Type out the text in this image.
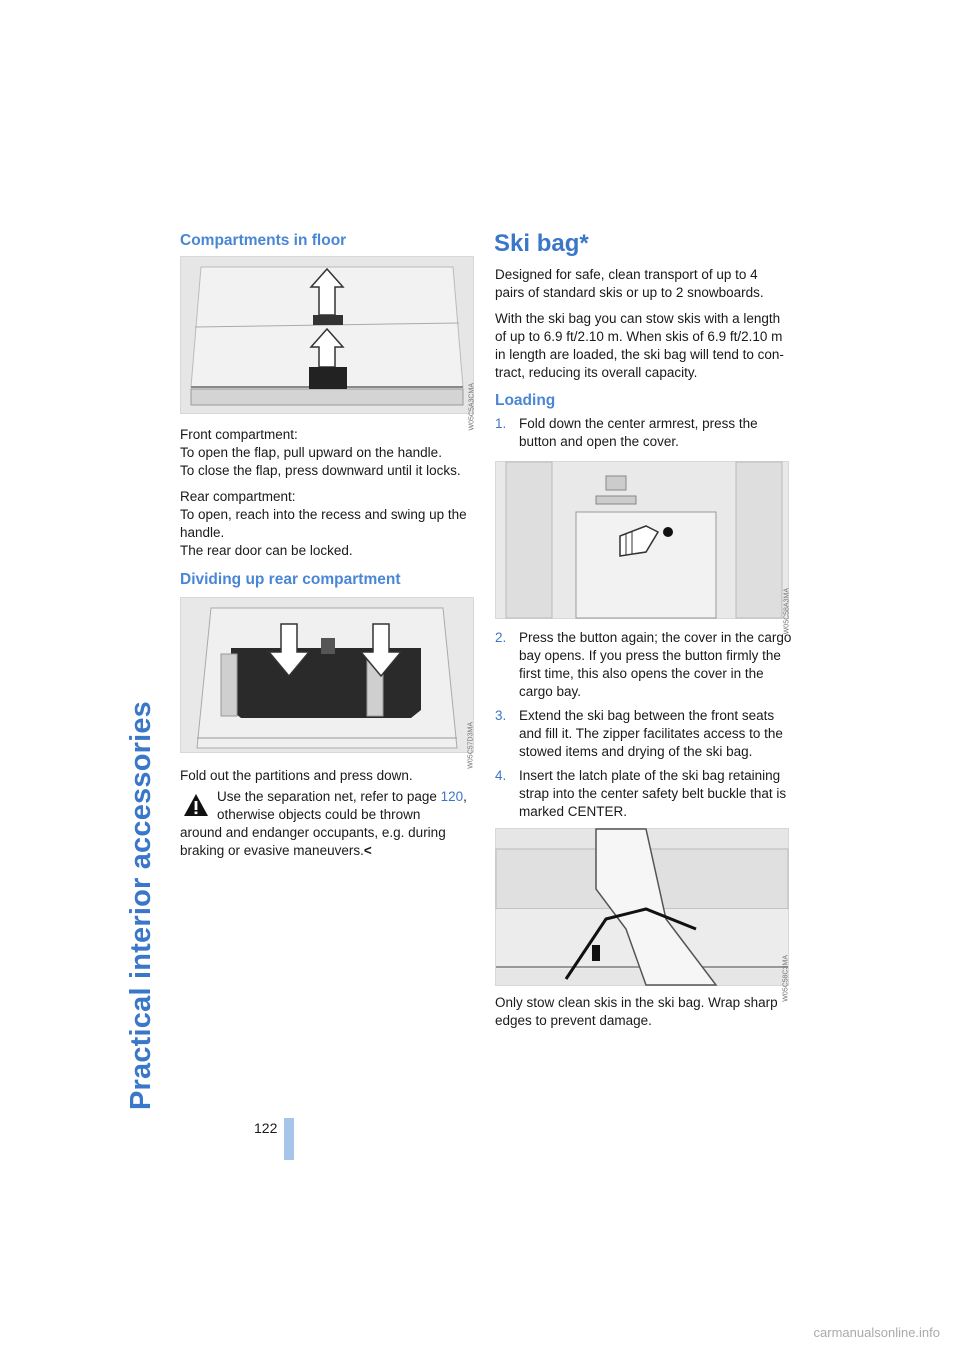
Practical interior accessories
122
Compartments in floor
W05C5A3CMA

Front compartment:
To open the flap, pull upward on the handle.
To close the flap, press downward until it locks.

Rear compartment:
To open, reach into the recess and swing up the handle.
The rear door can be locked.

Dividing up rear compartment
W05C57D3MA

Fold out the partitions and press down.

Use the separation net, refer to page 120,
otherwise objects could be thrown
around and endanger occupants, e.g. during
braking or evasive maneuvers.<
Ski bag*

Designed for safe, clean transport of up to 4 pairs of standard skis or up to 2 snowboards.

With the ski bag you can stow skis with a length of up to 6.9 ft/2.10 m. When skis of 6.9 ft/2.10 m in length are loaded, the ski bag will tend to con-tract, reducing its overall capacity.

Loading
1. Fold down the center armrest, press the button and open the cover.
W05C58A3MA
2. Press the button again; the cover in the cargo bay opens. If you press the button firmly the first time, this also opens the cover in the cargo bay.
3. Extend the ski bag between the front seats and fill it. The zipper facilitates access to the stowed items and drying of the ski bag.
4. Insert the latch plate of the ski bag retaining strap into the center safety belt buckle that is marked CENTER.
W05C58C3MA

Only stow clean skis in the ski bag. Wrap sharp edges to prevent damage.

carmanualsonline.info
